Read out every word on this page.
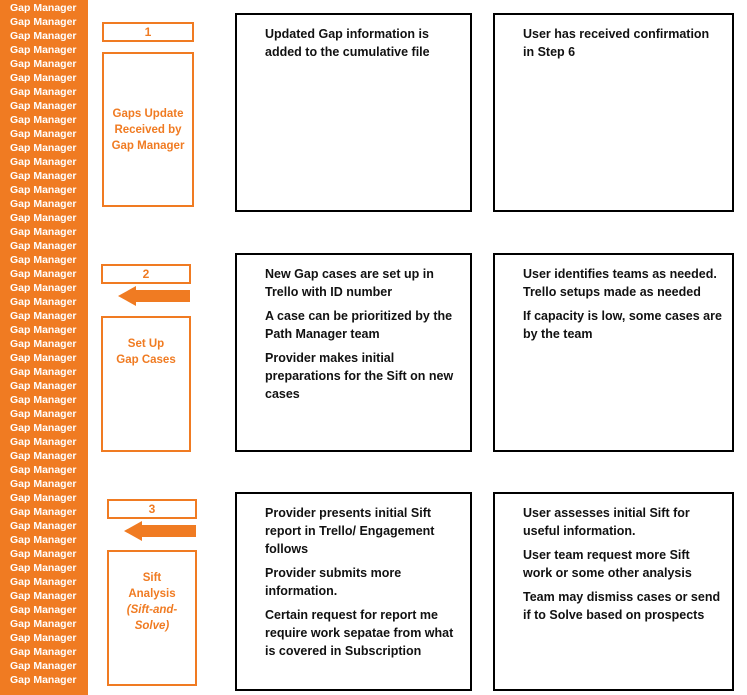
Gap Manager
Gap Manager
Gap Manager
Gap Manager
Gap Manager
Gap Manager
Gap Manager
Gap Manager
Gap Manager
Gap Manager
Gap Manager
Gap Manager
Gap Manager
Gap Manager
Gap Manager
Gap Manager
Gap Manager
Gap Manager
Gap Manager
Gap Manager
Gap Manager
Gap Manager
Gap Manager
Gap Manager
Gap Manager
Gap Manager
Gap Manager
Gap Manager
Gap Manager
Gap Manager
Gap Manager
Gap Manager
Gap Manager
Gap Manager
Gap Manager
Gap Manager
Gap Manager
Gap Manager
Gap Manager
Gap Manager
Gap Manager
Gap Manager
Gap Manager
Gap Manager
Gap Manager
Gap Manager
Gap Manager
Gap Manager
Gap Manager
1
Gaps Update
Received by
Gap Manager

Updated Gap information is added to the cumulative file

User has received confirmation in Step 6

2
Set Up
Gap Cases

New Gap cases are set up in Trello with ID number

A case can be prioritized by the Path Manager team

Provider makes initial preparations for the Sift on new cases

User identifies teams as needed. Trello setups made as needed

If capacity is low, some cases are by the team

3
Sift
Analysis
(Sift-and-
Solve)

Provider presents initial Sift report in Trello/ Engagement follows

Provider submits more information.

Certain request for report me require work sepatae from what is covered in Subscription

User assesses initial Sift for useful information.

User team request more Sift work or some other analysis

Team may dismiss cases or send if to Solve based on prospects
